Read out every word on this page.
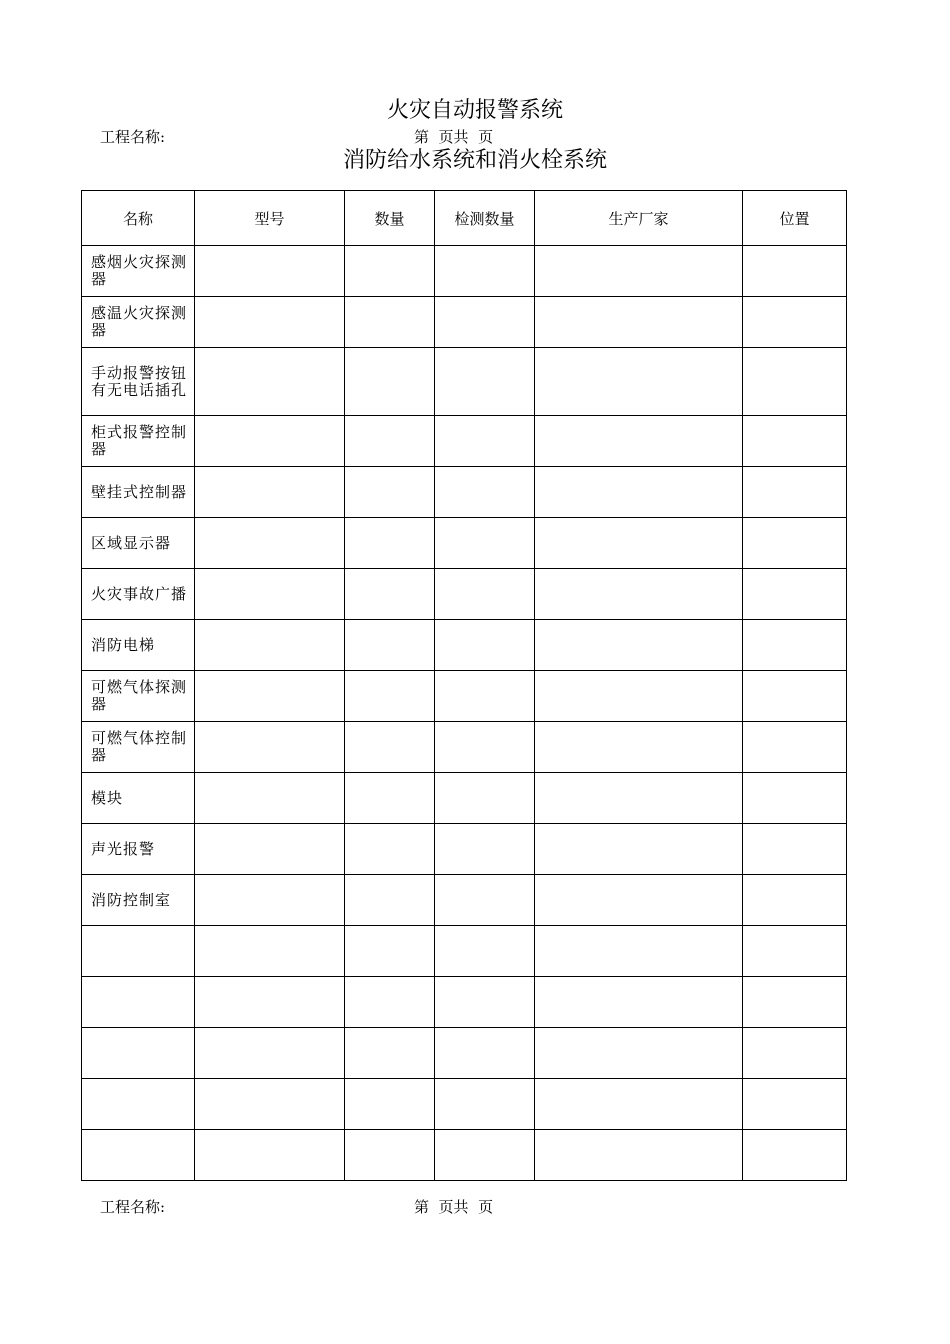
火灾自动报警系统
工程名称:	第  页共  页
消防给水系统和消火栓系统
名称	型号	数量	检测数量	生产厂家	位置

感烟火灾探测器					

感温火灾探测器					

手动报警按钮
有无电话插孔					

柜式报警控制器					

壁挂式控制器					

区域显示器					

火灾事故广播					

消防电梯					

可燃气体探测器					

可燃气体控制器					

模块					

声光报警					

消防控制室					

工程名称:	第  页共  页
